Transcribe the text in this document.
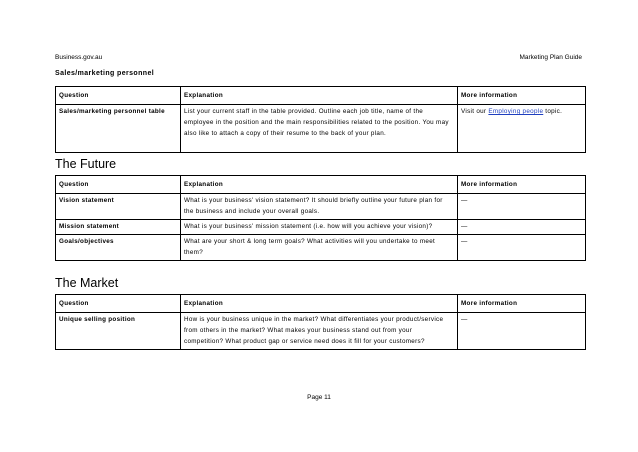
Business.gov.au	Marketing Plan Guide
Sales/marketing personnel
Question	Explanation	More information
Sales/marketing personnel table	List your current staff in the table provided. Outline each job title, name of the employee in the position and the main responsibilities related to the position. You may also like to attach a copy of their resume to the back of your plan.	Visit our Employing people topic.
The Future
Question	Explanation	More information
Vision statement	What is your business' vision statement? It should briefly outline your future plan for the business and include your overall goals.	—
Mission statement	What is your business' mission statement (i.e. how will you achieve your vision)?	—
Goals/objectives	What are your short & long term goals? What activities will you undertake to meet them?	—
The Market
Question	Explanation	More information
Unique selling position	How is your business unique in the market? What differentiates your product/service from others in the market? What makes your business stand out from your competition? What product gap or service need does it fill for your customers?	—
Page 11
